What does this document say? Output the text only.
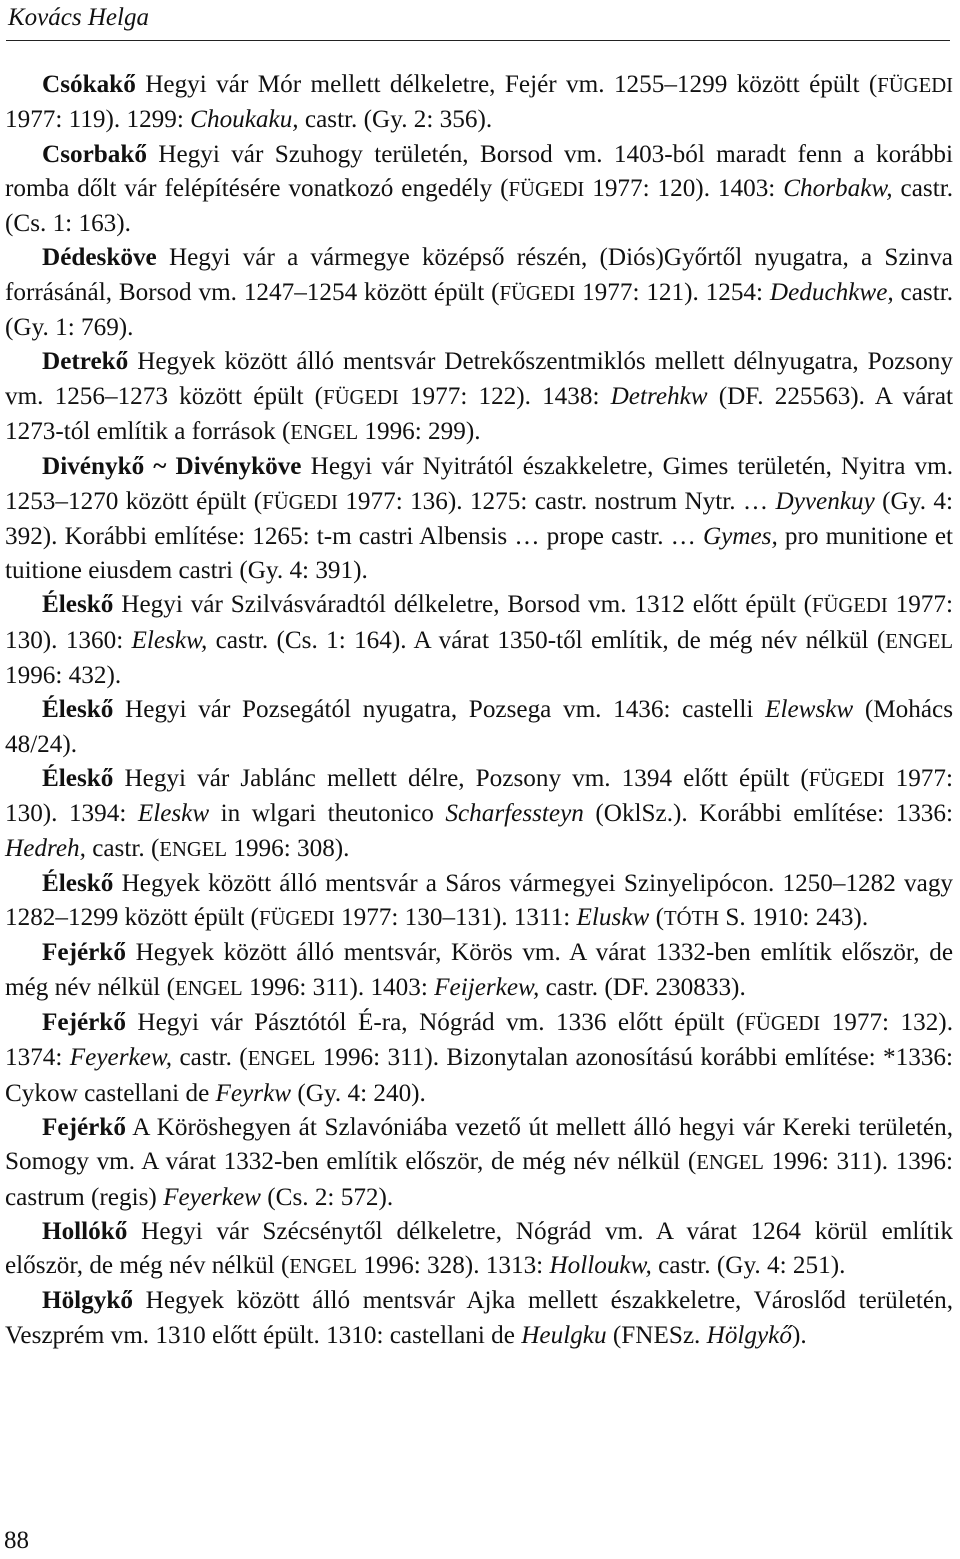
Kovács Helga

Csókakő Hegyi vár Mór mellett délkeletre, Fejér vm. 1255–1299 között épült (FÜGEDI 1977: 119). 1299: Choukaku, castr. (Gy. 2: 356).

Csorbakő Hegyi vár Szuhogy területén, Borsod vm. 1403-ból maradt fenn a korábbi romba dőlt vár felépítésére vonatkozó engedély (FÜGEDI 1977: 120). 1403: Chorbakw, castr. (Cs. 1: 163).

Dédesköve Hegyi vár a vármegye középső részén, (Diós)Győrtől nyugatra, a Szinva forrásánál, Borsod vm. 1247–1254 között épült (FÜGEDI 1977: 121). 1254: Deduchkwe, castr. (Gy. 1: 769).

Detrekő Hegyek között álló mentsvár Detrekőszentmiklós mellett délnyugatra, Pozsony vm. 1256–1273 között épült (FÜGEDI 1977: 122). 1438: Detrehkw (DF. 225563). A várat 1273-tól említik a források (ENGEL 1996: 299).

Divénykő ~ Divényköve Hegyi vár Nyitrától északkeletre, Gimes területén, Nyitra vm. 1253–1270 között épült (FÜGEDI 1977: 136). 1275: castr. nostrum Nytr. … Dyvenkuy (Gy. 4: 392). Korábbi említése: 1265: t-m castri Albensis … prope castr. … Gymes, pro munitione et tuitione eiusdem castri (Gy. 4: 391).

Éleskő Hegyi vár Szilvásváradtól délkeletre, Borsod vm. 1312 előtt épült (FÜGEDI 1977: 130). 1360: Eleskw, castr. (Cs. 1: 164). A várat 1350-től említik, de még név nélkül (ENGEL 1996: 432).

Éleskő Hegyi vár Pozsegától nyugatra, Pozsega vm. 1436: castelli Elewskw (Mohács 48/24).

Éleskő Hegyi vár Jablánc mellett délre, Pozsony vm. 1394 előtt épült (FÜGEDI 1977: 130). 1394: Eleskw in wlgari theutonico Scharfessteyn (OklSz.). Korábbi említése: 1336: Hedreh, castr. (ENGEL 1996: 308).

Éleskő Hegyek között álló mentsvár a Sáros vármegyei Szinyelipócon. 1250–1282 vagy 1282–1299 között épült (FÜGEDI 1977: 130–131). 1311: Eluskw (TÓTH S. 1910: 243).

Fejérkő Hegyek között álló mentsvár, Körös vm. A várat 1332-ben említik először, de még név nélkül (ENGEL 1996: 311). 1403: Feijerkew, castr. (DF. 230833).

Fejérkő Hegyi vár Pásztótól É-ra, Nógrád vm. 1336 előtt épült (FÜGEDI 1977: 132). 1374: Feyerkew, castr. (ENGEL 1996: 311). Bizonytalan azonosítású korábbi említése: *1336: Cykow castellani de Feyrkw (Gy. 4: 240).

Fejérkő A Köröshegyen át Szlavóniába vezető út mellett álló hegyi vár Kereki területén, Somogy vm. A várat 1332-ben említik először, de még név nélkül (ENGEL 1996: 311). 1396: castrum (regis) Feyerkew (Cs. 2: 572).

Hollókő Hegyi vár Szécsénytől délkeletre, Nógrád vm. A várat 1264 körül említik először, de még név nélkül (ENGEL 1996: 328). 1313: Holloukw, castr. (Gy. 4: 251).

Hölgykő Hegyek között álló mentsvár Ajka mellett északkeletre, Városlőd területén, Veszprém vm. 1310 előtt épült. 1310: castellani de Heulgku (FNESz. Hölgykő).

88
